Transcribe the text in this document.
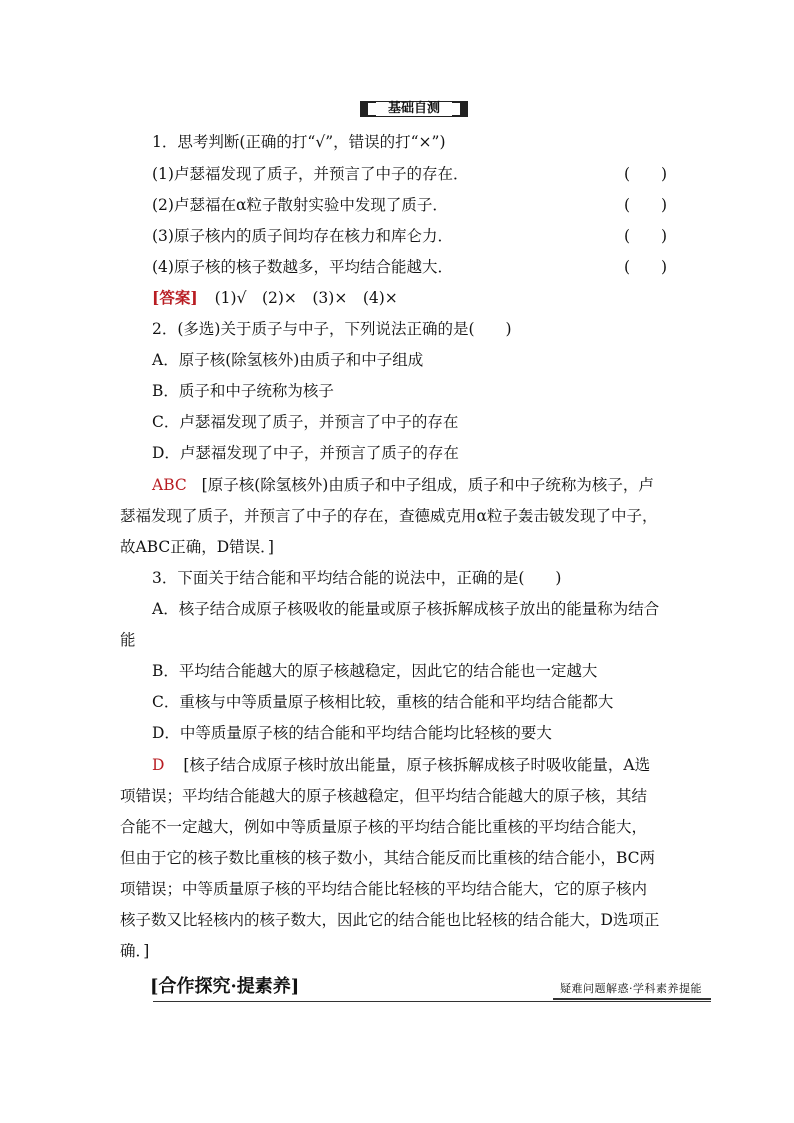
基础自测
1．思考判断(正确的打“√”，错误的打“×”)
(1)卢瑟福发现了质子，并预言了中子的存在．	(　　)
(2)卢瑟福在α粒子散射实验中发现了质子．	(　　)
(3)原子核内的质子间均存在核力和库仑力．	(　　)
(4)原子核的核子数越多，平均结合能越大．	(　　)
[答案] (1)√　(2)×　(3)×　(4)×
2．(多选)关于质子与中子，下列说法正确的是(　　)
A．原子核(除氢核外)由质子和中子组成
B．质子和中子统称为核子
C．卢瑟福发现了质子，并预言了中子的存在
D．卢瑟福发现了中子，并预言了质子的存在
ABC [原子核(除氢核外)由质子和中子组成，质子和中子统称为核子，卢
瑟福发现了质子，并预言了中子的存在，查德威克用α粒子轰击铍发现了中子，
故ABC正确，D错误．]
3．下面关于结合能和平均结合能的说法中，正确的是(　　)
A．核子结合成原子核吸收的能量或原子核拆解成核子放出的能量称为结合
能
B．平均结合能越大的原子核越稳定，因此它的结合能也一定越大
C．重核与中等质量原子核相比较，重核的结合能和平均结合能都大
D．中等质量原子核的结合能和平均结合能均比轻核的要大
D [核子结合成原子核时放出能量，原子核拆解成核子时吸收能量，A选
项错误；平均结合能越大的原子核越稳定，但平均结合能越大的原子核，其结
合能不一定越大，例如中等质量原子核的平均结合能比重核的平均结合能大，
但由于它的核子数比重核的核子数小，其结合能反而比重核的结合能小，BC两
项错误；中等质量原子核的平均结合能比轻核的平均结合能大，它的原子核内
核子数又比轻核内的核子数大，因此它的结合能也比轻核的结合能大，D选项正
确．]
[合作探究·提素养]	疑难问题解惑·学科素养提能
